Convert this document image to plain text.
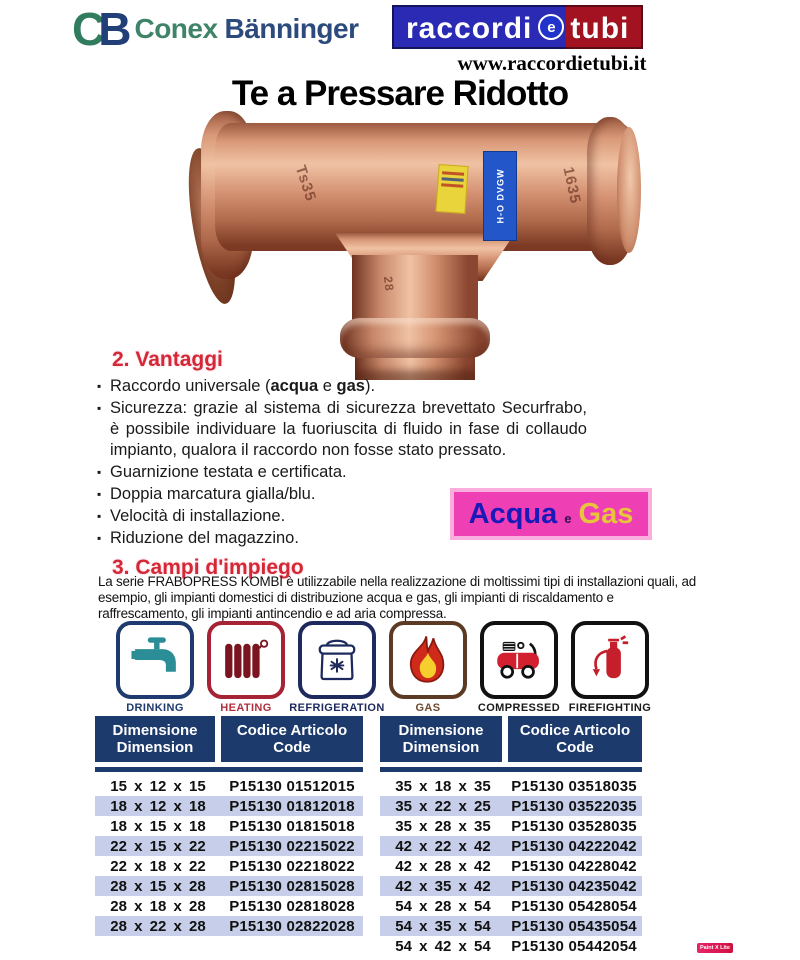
CB Conex Bänninger	raccordi e tubi
www.raccordietubi.it
Te a Pressare Ridotto
Ts35	1635
28
H-O DVGW
2. Vantaggi
▪ Raccordo universale (acqua e gas).
▪ Sicurezza: grazie al sistema di sicurezza brevettato Securfrabo, è possibile individuare la fuoriuscita di fluido in fase di collaudo impianto, qualora il raccordo non fosse stato pressato.
▪ Guarnizione testata e certificata.
▪ Doppia marcatura gialla/blu.
▪ Velocità di installazione.
▪ Riduzione del magazzino.
Acqua e Gas
3. Campi d'impiego
La serie FRABOPRESS KOMBI è utilizzabile nella realizzazione di moltissimi tipi di installazioni quali, ad esempio, gli impianti domestici di distribuzione acqua e gas, gli impianti di riscaldamento e raffrescamento, gli impianti antincendio e ad aria compressa.
DRINKING	HEATING REFRIGERATION	GAS	COMPRESSED FIREFIGHTING
Dimensione
Dimension
Codice Articolo
Code
15 x 12 x 15	P15130 01512015
18 x 12 x 18	P15130 01812018
18 x 15 x 18	P15130 01815018
22 x 15 x 22	P15130 02215022
22 x 18 x 22	P15130 02218022
28 x 15 x 28	P15130 02815028
28 x 18 x 28	P15130 02818028
28 x 22 x 28	P15130 02822028
Dimensione
Dimension
Codice Articolo
Code
35 x 18 x 35	P15130 03518035
35 x 22 x 25	P15130 03522035
35 x 28 x 35	P15130 03528035
42 x 22 x 42	P15130 04222042
42 x 28 x 42	P15130 04228042
42 x 35 x 42	P15130 04235042
54 x 28 x 54	P15130 05428054
54 x 35 x 54	P15130 05435054
54 x 42 x 54	P15130 05442054	Paint X Lite
